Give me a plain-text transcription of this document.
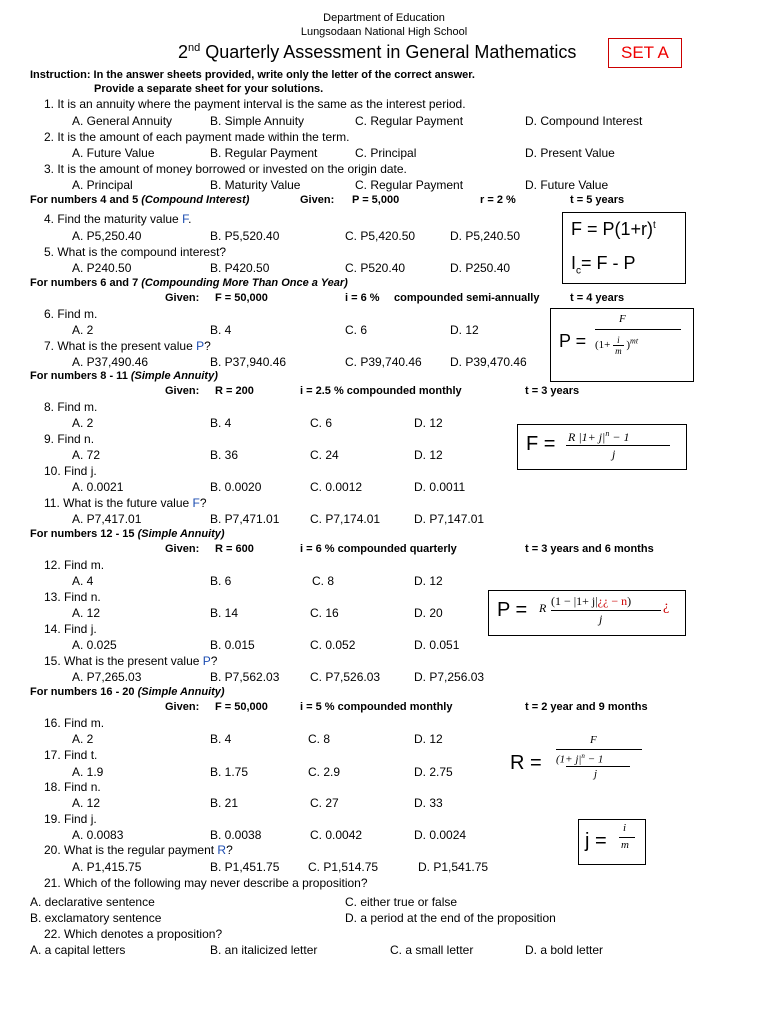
Department of Education
Lungsodaan National High School
2nd Quarterly Assessment in General Mathematics	SET A
Instruction: In the answer sheets provided, write only the letter of the correct answer.
Provide a separate sheet for your solutions.
1. It is an annuity where the payment interval is the same as the interest period.
A. General Annuity	B. Simple Annuity	C. Regular Payment	D. Compound Interest
2. It is the amount of each payment made within the term.
A. Future Value	B. Regular Payment	C. Principal	D. Present Value
3. It is the amount of money borrowed or invested on the origin date.
A. Principal	B. Maturity Value	C. Regular Payment	D. Future Value
For numbers 4 and 5 (Compound Interest)	Given: P = 5,000	r = 2 %	t = 5 years
4. Find the maturity value F.
A. P5,250.40	B. P5,520.40	C. P5,420.50	D. P5,240.50
5. What is the compound interest?
A. P240.50	B. P420.50	C. P520.40	D. P250.40
$F = P(1+r)^t$
$I_c= F - P$
For numbers 6 and 7 (Compounding More Than Once a Year)
Given: F = 50,000	i = 6 % compounded semi-annually	t = 4 years
6. Find m.
A. 2	B. 4	C. 6	D. 12
7. What is the present value P?
A. P37,490.46	B. P37,940.46	C. P39,740.46 D. P39,470.46
P =
F
$(1+ \frac{i}{m} )^{mt}$
For numbers 8 - 11 (Simple Annuity)
Given: R = 200	i = 2.5 % compounded monthly	t = 3 years
8. Find m.
A. 2	B. 4	C. 6	D. 12
9. Find n.
A. 72	B. 36	C. 24	D. 12
10. Find j.
A. 0.0021	B. 0.0020	C. 0.0012	D. 0.0011
11. What is the future value F?
A. P7,417.01	B. P7,471.01	C. P7,174.01	D. P7,147.01
F = R $|1+ j|^n - 1$
j
For numbers 12 - 15 (Simple Annuity)
Given: R = 600	i = 6 % compounded quarterly	t = 3 years and 6 months
12. Find m.
A. 4	B. 6	C. 8	D. 12
13. Find n.
A. 12	B. 14	C. 16	D. 20
14. Find j.
A. 0.025	B. 0.015	C. 0.052	D. 0.051
15. What is the present value P?
A. P7,265.03	B. P7,562.03	C. P7,526.03	D. P7,256.03
P = R (1 − |1+ j|¿¿ − n)
j
¿
For numbers 16 - 20 (Simple Annuity)
Given: F = 50,000	i = 5 % compounded monthly	t = 2 year and 9 months
16. Find m.
A. 2	B. 4	C. 8	D. 12
17. Find t.
A. 1.9	B. 1.75	C. 2.9	D. 2.75
18. Find n.
A. 12	B. 21	C. 27	D. 33
19. Find j.
A. 0.0083	B. 0.0038	C. 0.0042	D. 0.0024
20. What is the regular payment R?
A. P1,415.75	B. P1,451.75 C. P1,514.75	D. P1,541.75
R =
F
($1+ j|^n - 1$
j
j =
i
m
21. Which of the following may never describe a proposition?
A. declarative sentence	C. either true or false
B. exclamatory sentence	D. a period at the end of the proposition
22. Which denotes a proposition?
A. a capital letters	B. an italicized letter	C. a small letter	D. a bold letter
